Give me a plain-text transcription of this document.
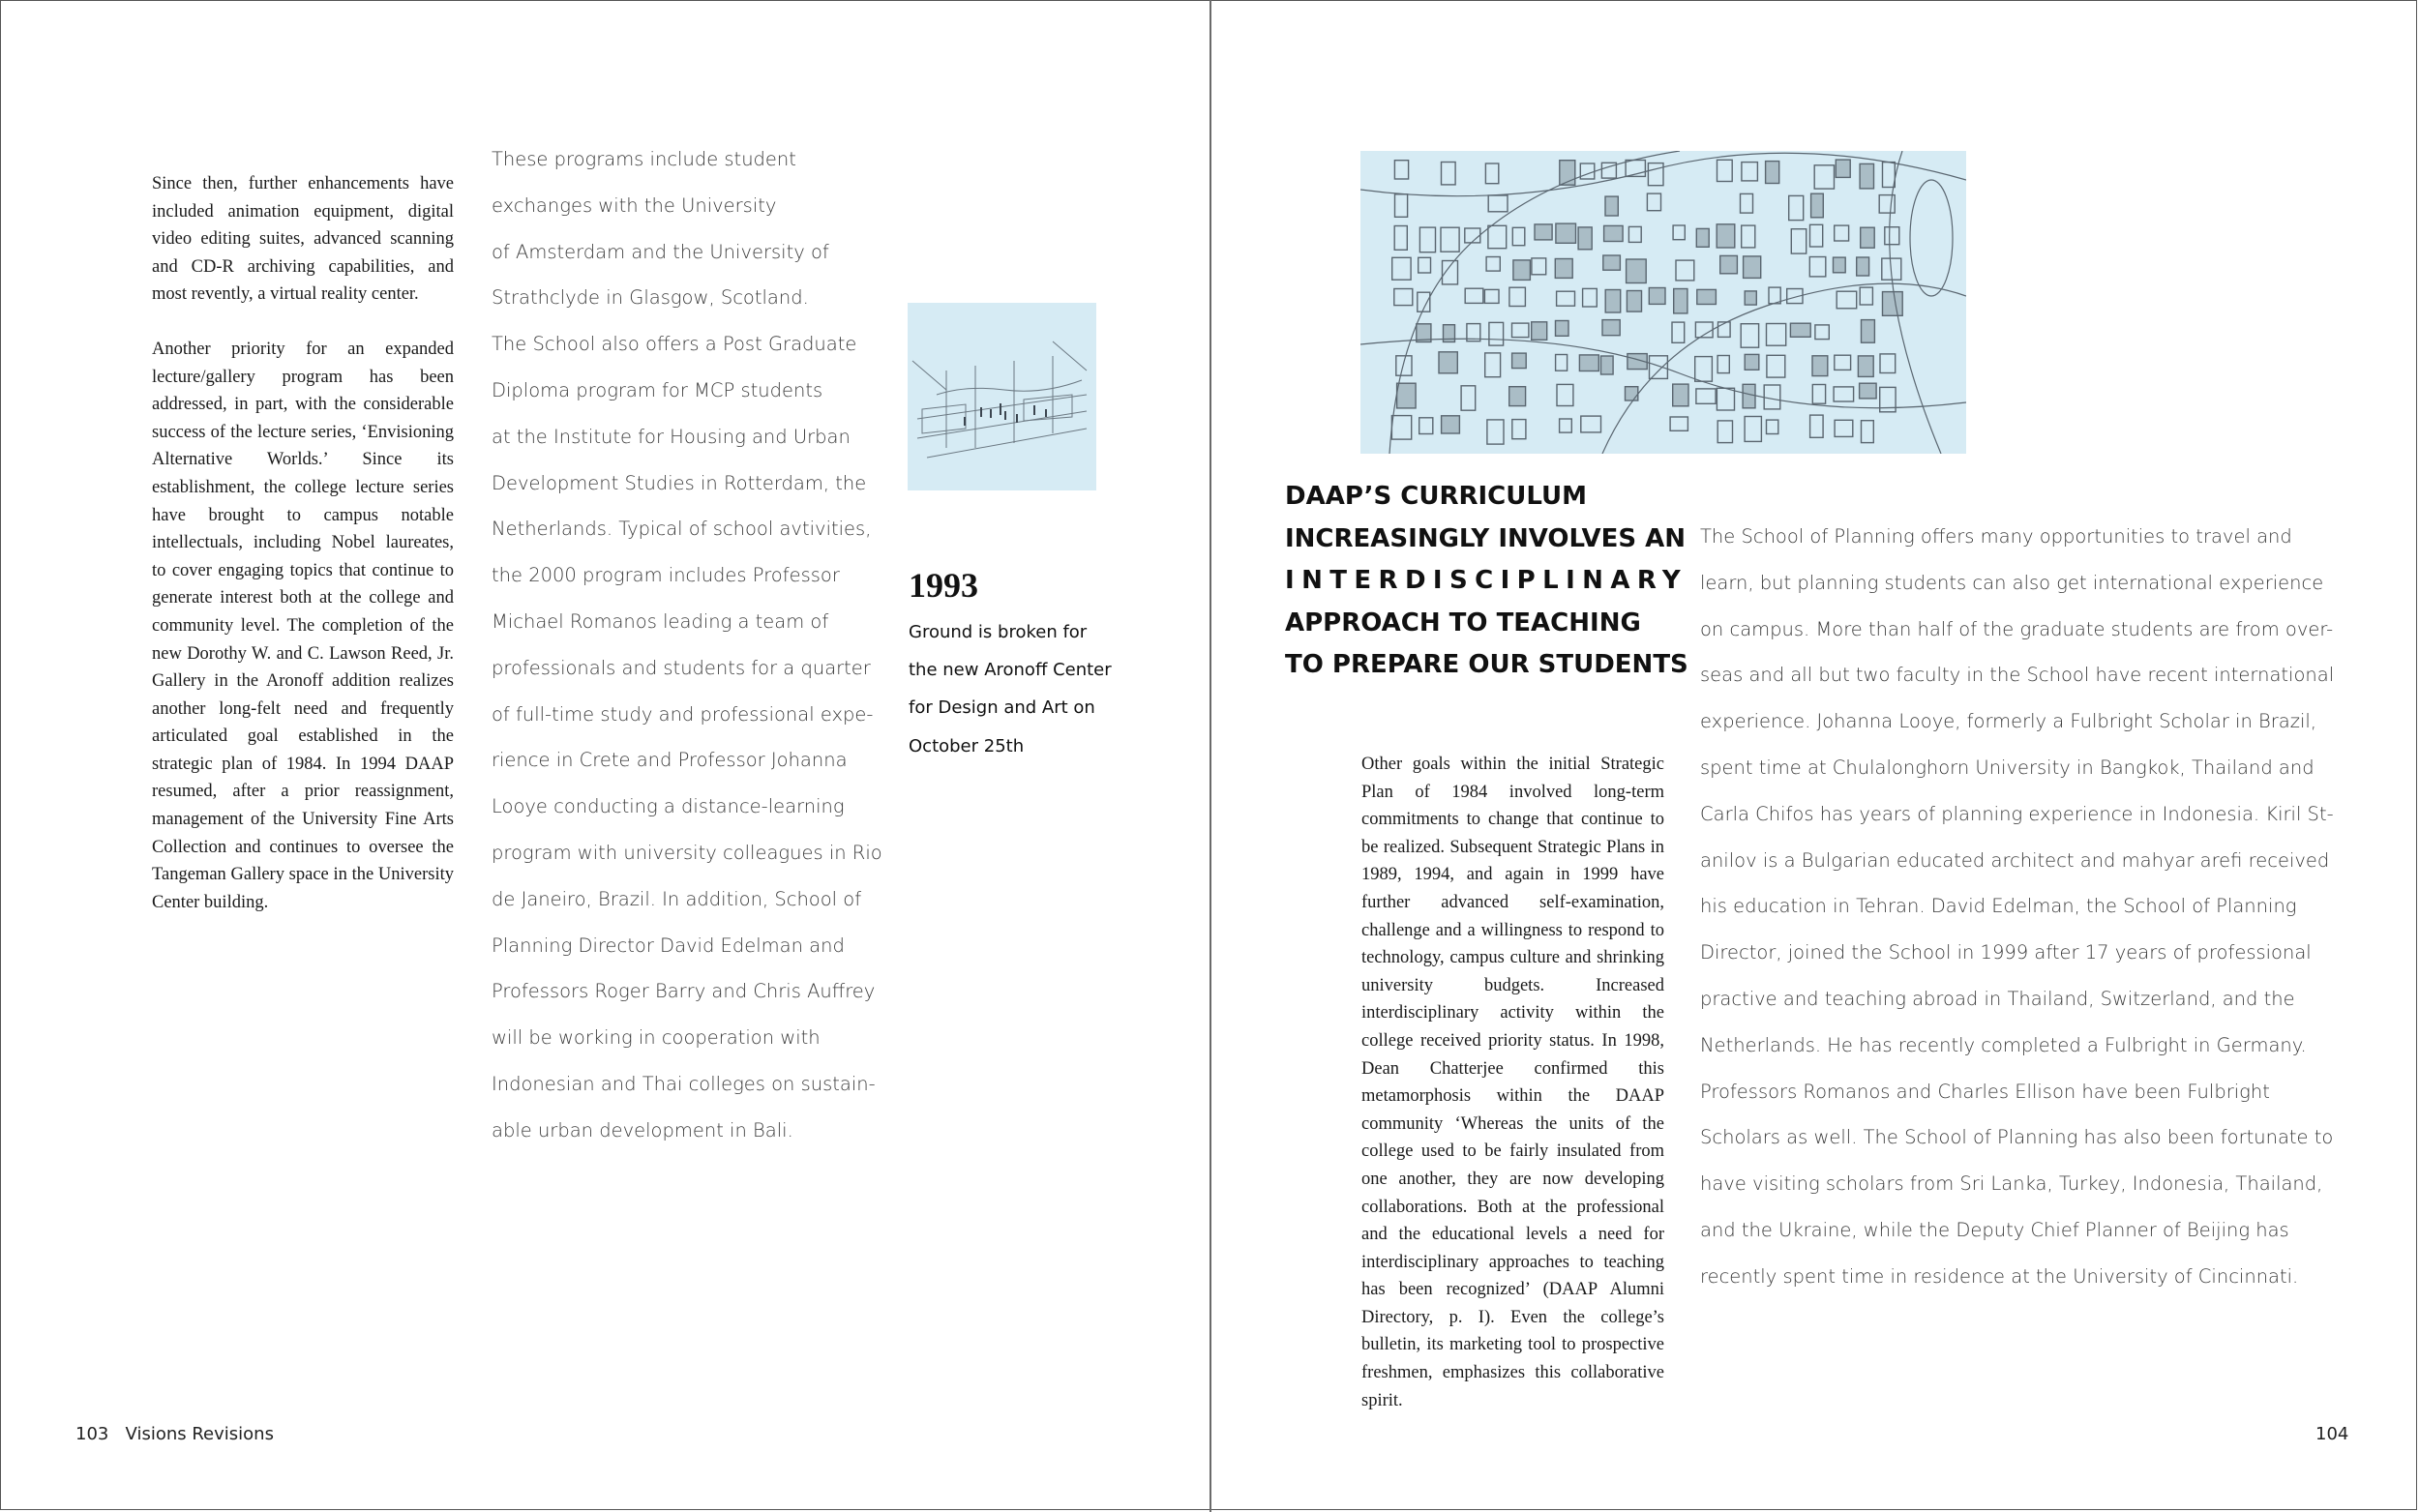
Since then, further enhancements have included animation equipment, digital video editing suites, advanced scanning and CD-R archiving capabilities, and most revently, a virtual reality center.

Another priority for an expanded lecture/gallery program has been addressed, in part, with the considerable success of the lecture series, ‘Envisioning Alternative Worlds.’ Since its establishment, the college lecture series have brought to campus notable intellectuals, including Nobel laureates, to cover engaging topics that continue to generate interest both at the college and community level. The completion of the new Dorothy W. and C. Lawson Reed, Jr. Gallery in the Aronoff addition realizes another long-felt need and frequently articulated goal established in the strategic plan of 1984. In 1994 DAAP resumed, after a prior reassignment, management of the University Fine Arts Collection and continues to oversee the Tangeman Gallery space in the University Center building.

These programs include student
exchanges with the University
of Amsterdam and the University of
Strathclyde in Glasgow, Scotland.
The School also offers a Post Graduate
Diploma program for MCP students
at the Institute for Housing and Urban
Development Studies in Rotterdam, the
Netherlands. Typical of school avtivities,
the 2000 program includes Professor
Michael Romanos leading a team of
professionals and students for a quarter
of full-time study and professional expe-
rience in Crete and Professor Johanna
Looye conducting a distance-learning
program with university colleagues in Rio
de Janeiro, Brazil. In addition, School of
Planning Director David Edelman and
Professors Roger Barry and Chris Auffrey
will be working in cooperation with
Indonesian and Thai colleges on sustain-
able urban development in Bali.
1993
Ground is broken for
the new Aronoff Center
for Design and Art on
October 25th
103 Visions Revisions
DAAP’S CURRICULUM
INCREASINGLY INVOLVES AN
INTERDISCIPLINARY
APPROACH TO TEACHING
TO PREPARE OUR STUDENTS

Other goals within the initial Strategic Plan of 1984 involved long-term commitments to change that continue to be realized. Subsequent Strategic Plans in 1989, 1994, and again in 1999 have further advanced self-examination, challenge and a willingness to respond to technology, campus culture and shrinking university budgets. Increased interdisciplinary activity within the college received priority status. In 1998, Dean Chatterjee confirmed this metamorphosis within the DAAP community ‘Whereas the units of the college used to be fairly insulated from one another, they are now developing collaborations. Both at the professional and the educational levels a need for interdisciplinary approaches to teaching has been recognized’ (DAAP Alumni Directory, p. I). Even the college’s bulletin, its marketing tool to prospective freshmen, emphasizes this collaborative spirit.

The School of Planning offers many opportunities to travel and
learn, but planning students can also get international experience
on campus. More than half of the graduate students are from over-
seas and all but two faculty in the School have recent international
experience. Johanna Looye, formerly a Fulbright Scholar in Brazil,
spent time at Chulalonghorn University in Bangkok, Thailand and
Carla Chifos has years of planning experience in Indonesia. Kiril St-
anilov is a Bulgarian educated architect and mahyar arefi received
his education in Tehran. David Edelman, the School of Planning
Director, joined the School in 1999 after 17 years of professional
practive and teaching abroad in Thailand, Switzerland, and the
Netherlands. He has recently completed a Fulbright in Germany.
Professors Romanos and Charles Ellison have been Fulbright
Scholars as well. The School of Planning has also been fortunate to
have visiting scholars from Sri Lanka, Turkey, Indonesia, Thailand,
and the Ukraine, while the Deputy Chief Planner of Beijing has
recently spent time in residence at the University of Cincinnati.
104
